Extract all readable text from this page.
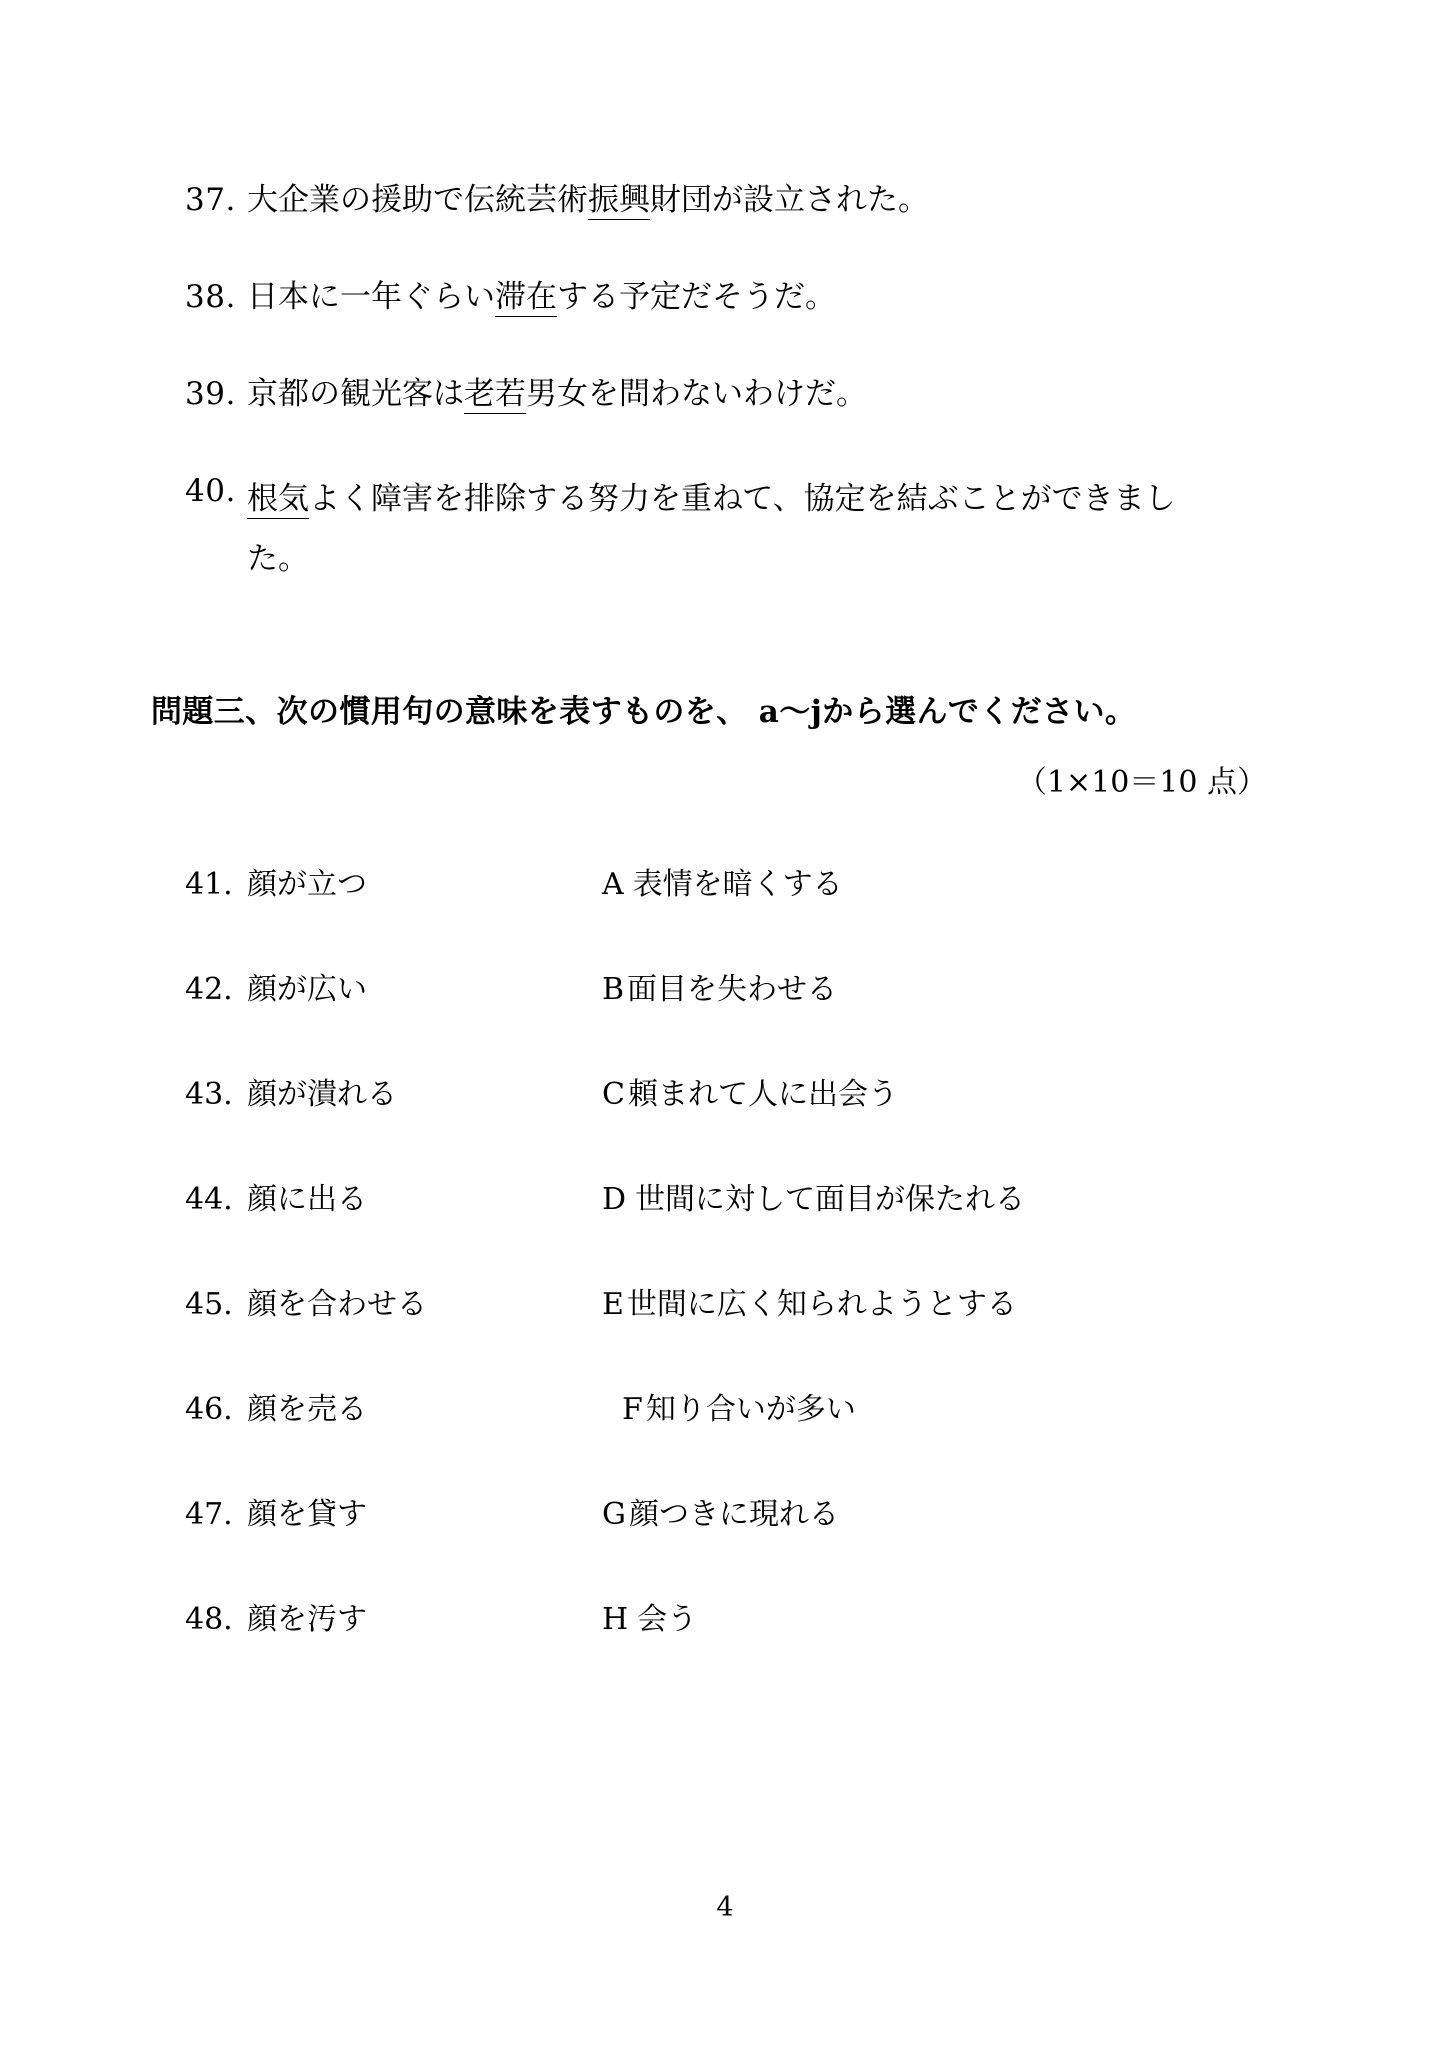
37. 大企業の援助で伝統芸術振興財団が設立された。
38. 日本に一年ぐらい滞在する予定だそうだ。
39. 京都の観光客は老若男女を問わないわけだ。
40. 根気よく障害を排除する努力を重ねて、協定を結ぶことができまし
た。
問題三、次の慣用句の意味を表すものを、 a～jから選んでください。
（1×10＝10 点）
41. 顔が立つ	A 表情を暗くする
42. 顔が広い	B 面目を失わせる
43. 顔が潰れる	C 頼まれて人に出会う
44. 顔に出る	D 世間に対して面目が保たれる
45. 顔を合わせる	E 世間に広く知られようとする
46. 顔を売る	F 知り合いが多い
47. 顔を貸す	G 顔つきに現れる
48. 顔を汚す	H 会う
4
